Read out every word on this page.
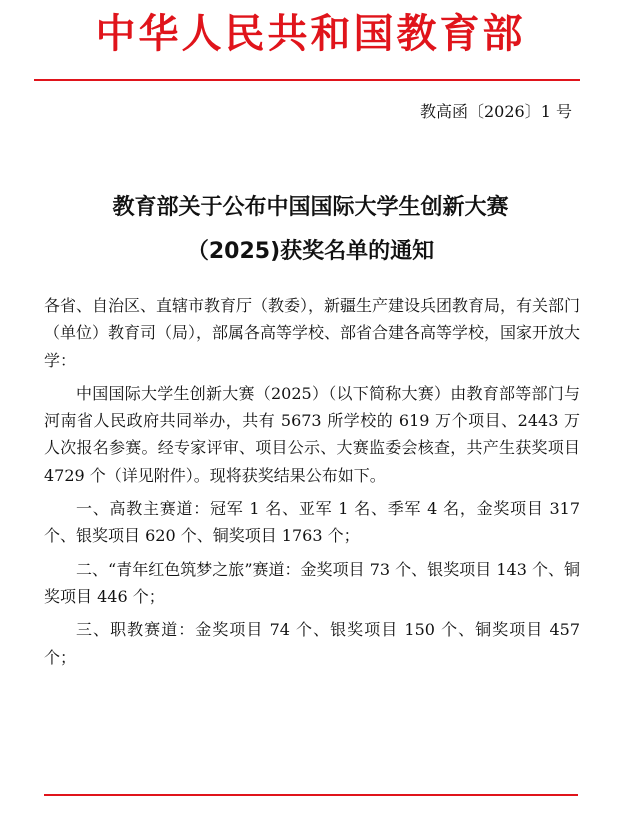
中华人民共和国教育部
教高函〔2026〕1 号
教育部关于公布中国国际大学生创新大赛
（2025)获奖名单的通知

各省、自治区、直辖市教育厅（教委），新疆生产建设兵团教育局，有关部门（单位）教育司（局），部属各高等学校、部省合建各高等学校，国家开放大学：

中国国际大学生创新大赛（2025）（以下简称大赛）由教育部等部门与河南省人民政府共同举办，共有 5673 所学校的 619 万个项目、2443 万人次报名参赛。经专家评审、项目公示、大赛监委会核查，共产生获奖项目 4729 个（详见附件）。现将获奖结果公布如下。

一、高教主赛道：冠军 1 名、亚军 1 名、季军 4 名，金奖项目 317 个、银奖项目 620 个、铜奖项目 1763 个；

二、“青年红色筑梦之旅”赛道：金奖项目 73 个、银奖项目 143 个、铜奖项目 446 个；

三、职教赛道：金奖项目 74 个、银奖项目 150 个、铜奖项目 457 个；
